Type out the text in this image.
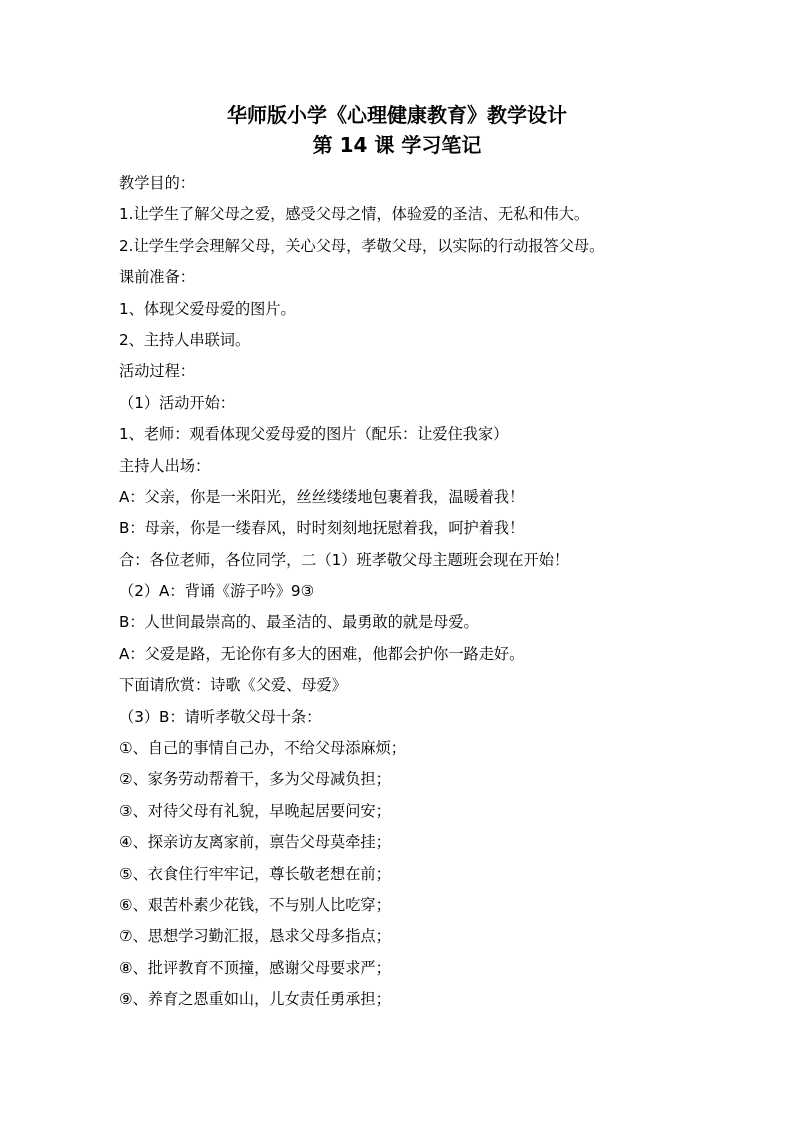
华师版小学《心理健康教育》教学设计
第 14 课 学习笔记
教学目的：
1.让学生了解父母之爱，感受父母之情，体验爱的圣洁、无私和伟大。
2.让学生学会理解父母，关心父母，孝敬父母，以实际的行动报答父母。
课前准备：
1、体现父爱母爱的图片。
2、主持人串联词。
活动过程：
（1）活动开始：
1、老师：观看体现父爱母爱的图片（配乐：让爱住我家）
主持人出场：
A：父亲，你是一米阳光，丝丝缕缕地包裹着我，温暖着我！
B：母亲，你是一缕春风，时时刻刻地抚慰着我，呵护着我！
合：各位老师，各位同学，二（1）班孝敬父母主题班会现在开始！
（2）A：背诵《游子吟》9③
B：人世间最崇高的、最圣洁的、最勇敢的就是母爱。
A：父爱是路，无论你有多大的困难，他都会护你一路走好。
下面请欣赏：诗歌《父爱、母爱》
（3）B：请听孝敬父母十条：
①、自己的事情自己办，不给父母添麻烦；
②、家务劳动帮着干，多为父母减负担；
③、对待父母有礼貌，早晚起居要问安；
④、探亲访友离家前，禀告父母莫牵挂；
⑤、衣食住行牢牢记，尊长敬老想在前；
⑥、艰苦朴素少花钱，不与别人比吃穿；
⑦、思想学习勤汇报，恳求父母多指点；
⑧、批评教育不顶撞，感谢父母要求严；
⑨、养育之恩重如山，儿女责任勇承担；
